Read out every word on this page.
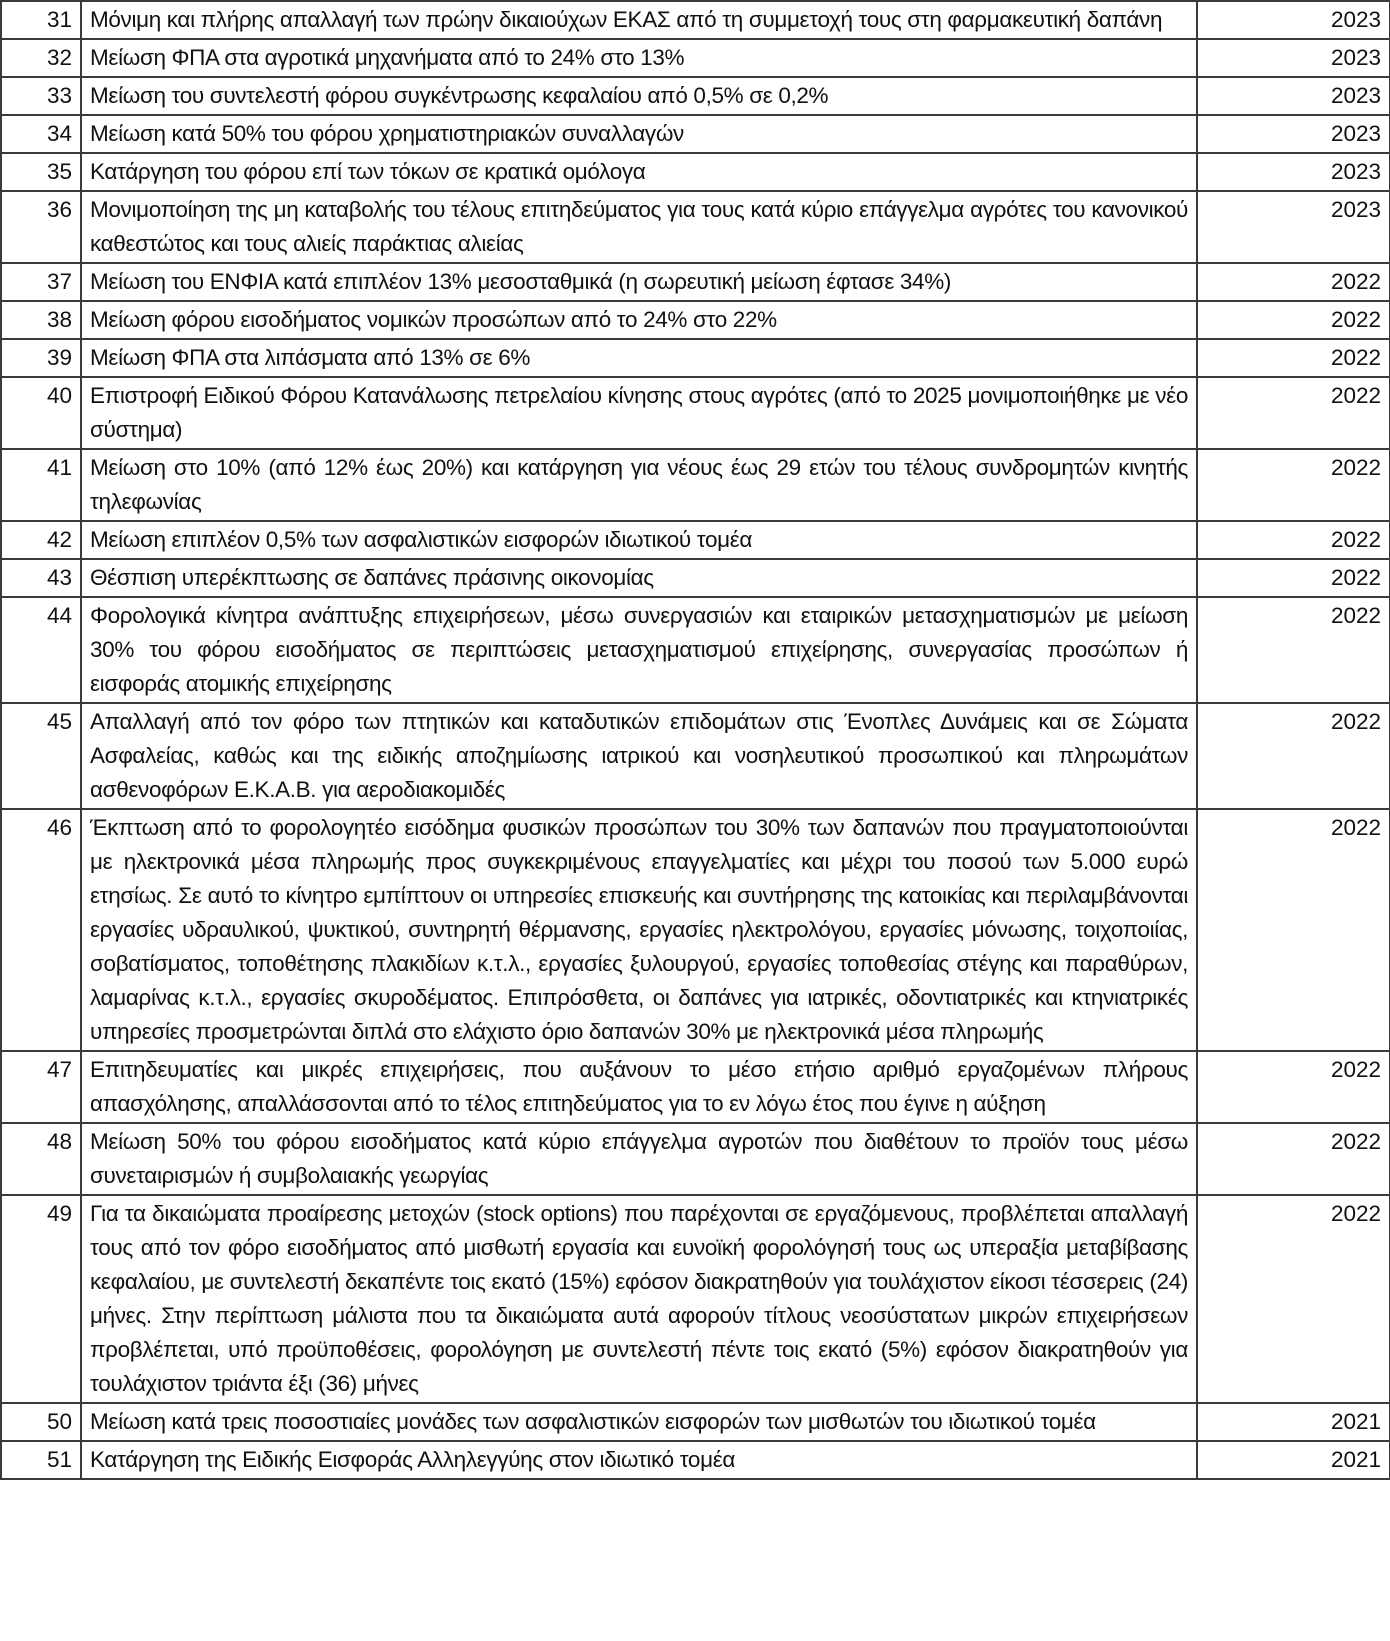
31	Μόνιμη και πλήρης απαλλαγή των πρώην δικαιούχων ΕΚΑΣ από τη συμμετοχή τους στη φαρμακευτική δαπάνη	2023
32	Μείωση ΦΠΑ στα αγροτικά μηχανήματα από το 24% στο 13%	2023
33	Μείωση του συντελεστή φόρου συγκέντρωσης κεφαλαίου από 0,5% σε 0,2%	2023
34	Μείωση κατά 50% του φόρου χρηματιστηριακών συναλλαγών	2023
35	Κατάργηση του φόρου επί των τόκων σε κρατικά ομόλογα	2023
36	Μονιμοποίηση της μη καταβολής του τέλους επιτηδεύματος για τους κατά κύριο επάγγελμα αγρότες του κανονικού καθεστώτος και τους αλιείς παράκτιας αλιείας	2023
37	Μείωση του ΕΝΦΙΑ κατά επιπλέον 13% μεσοσταθμικά (η σωρευτική μείωση έφτασε 34%)	2022
38	Μείωση φόρου εισοδήματος νομικών προσώπων από το 24% στο 22%	2022
39	Μείωση ΦΠΑ στα λιπάσματα από 13% σε 6%	2022
40	Επιστροφή Ειδικού Φόρου Κατανάλωσης πετρελαίου κίνησης στους αγρότες (από το 2025 μονιμοποιήθηκε με νέο σύστημα)	2022
41	Μείωση στο 10% (από 12% έως 20%) και κατάργηση για νέους έως 29 ετών του τέλους συνδρομητών κινητής τηλεφωνίας	2022
42	Μείωση επιπλέον 0,5% των ασφαλιστικών εισφορών ιδιωτικού τομέα	2022
43	Θέσπιση υπερέκπτωσης σε δαπάνες πράσινης οικονομίας	2022
44	Φορολογικά κίνητρα ανάπτυξης επιχειρήσεων, μέσω συνεργασιών και εταιρικών μετασχηματισμών με μείωση 30% του φόρου εισοδήματος σε περιπτώσεις μετασχηματισμού επιχείρησης, συνεργασίας προσώπων ή εισφοράς ατομικής επιχείρησης	2022
45	Απαλλαγή από τον φόρο των πτητικών και καταδυτικών επιδομάτων στις Ένοπλες Δυνάμεις και σε Σώματα Ασφαλείας, καθώς και της ειδικής αποζημίωσης ιατρικού και νοσηλευτικού προσωπικού και πληρωμάτων ασθενοφόρων Ε.Κ.Α.Β. για αεροδιακομιδές	2022
46	Έκπτωση από το φορολογητέο εισόδημα φυσικών προσώπων του 30% των δαπανών που πραγματοποιούνται με ηλεκτρονικά μέσα πληρωμής προς συγκεκριμένους επαγγελματίες και μέχρι του ποσού των 5.000 ευρώ ετησίως. Σε αυτό το κίνητρο εμπίπτουν οι υπηρεσίες επισκευής και συντήρησης της κατοικίας και περιλαμβάνονται εργασίες υδραυλικού, ψυκτικού, συντηρητή θέρμανσης, εργασίες ηλεκτρολόγου, εργασίες μόνωσης, τοιχοποιίας, σοβατίσματος, τοποθέτησης πλακιδίων κ.τ.λ., εργασίες ξυλουργού, εργασίες τοποθεσίας στέγης και παραθύρων, λαμαρίνας κ.τ.λ., εργασίες σκυροδέματος. Επιπρόσθετα, οι δαπάνες για ιατρικές, οδοντιατρικές και κτηνιατρικές υπηρεσίες προσμετρώνται διπλά στο ελάχιστο όριο δαπανών 30% με ηλεκτρονικά μέσα πληρωμής	2022
47	Επιτηδευματίες και μικρές επιχειρήσεις, που αυξάνουν το μέσο ετήσιο αριθμό εργαζομένων πλήρους απασχόλησης, απαλλάσσονται από το τέλος επιτηδεύματος για το εν λόγω έτος που έγινε η αύξηση	2022
48	Μείωση 50% του φόρου εισοδήματος κατά κύριο επάγγελμα αγροτών που διαθέτουν το προϊόν τους μέσω συνεταιρισμών ή συμβολαιακής γεωργίας	2022
49	Για τα δικαιώματα προαίρεσης μετοχών (stock options) που παρέχονται σε εργαζόμενους, προβλέπεται απαλλαγή τους από τον φόρο εισοδήματος από μισθωτή εργασία και ευνοϊκή φορολόγησή τους ως υπεραξία μεταβίβασης κεφαλαίου, με συντελεστή δεκαπέντε τοις εκατό (15%) εφόσον διακρατηθούν για τουλάχιστον είκοσι τέσσερεις (24) μήνες. Στην περίπτωση μάλιστα που τα δικαιώματα αυτά αφορούν τίτλους νεοσύστατων μικρών επιχειρήσεων προβλέπεται, υπό προϋποθέσεις, φορολόγηση με συντελεστή πέντε τοις εκατό (5%) εφόσον διακρατηθούν για τουλάχιστον τριάντα έξι (36) μήνες	2022
50	Μείωση κατά τρεις ποσοστιαίες μονάδες των ασφαλιστικών εισφορών των μισθωτών του ιδιωτικού τομέα	2021
51	Κατάργηση της Ειδικής Εισφοράς Αλληλεγγύης στον ιδιωτικό τομέα	2021
